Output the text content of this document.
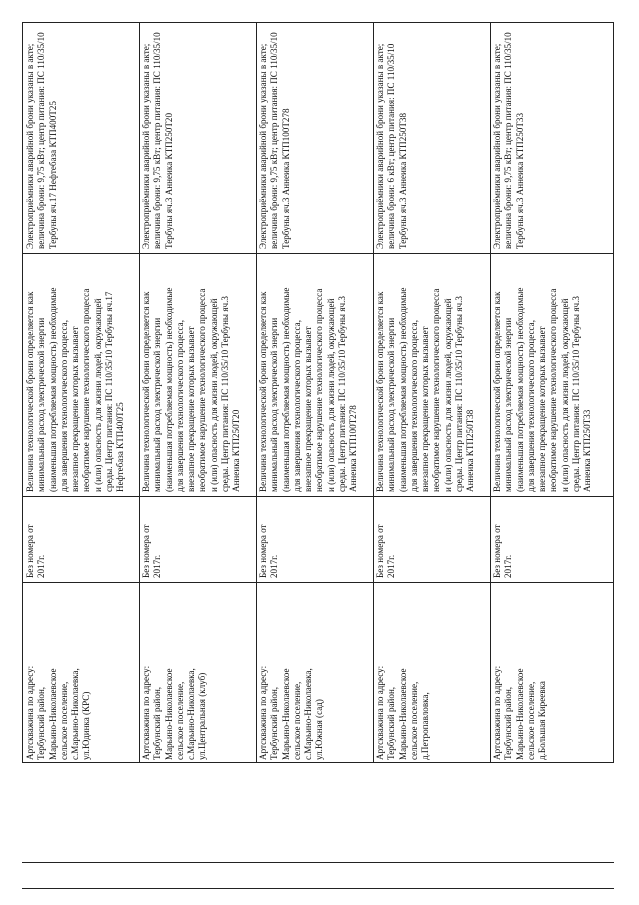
Электроприёмники аварийной брони указаны в акте;
величина брони: 9,75 кВт; центр питания: ПС 110/35/10
Тербуны яч.17 Нефтебаза КТП400Т25
Величина технологической брони определяется как
минимальный расход электрической энергии
(наименьшая потребляемая мощность) необходимые
для завершения технологического процесса,
внезапное прекращение которых вызывает
необратимое нарушение технологического процесса
и (или) опасность для жизни людей, окружающей
среды. Центр питания: ПС 110/35/10 Тербуны яч.17
Нефтебаза КТП400Т25
Без номера от
2017г.
Артскважина по адресу:
Тербунский район,
Марьино-Николаевское
сельское поселение,
с.Марьино-Николаевка,
ул.Юдинка (КРС)
Электроприёмники аварийной брони указаны в акте;
величина брони: 9,75 кВт; центр питания: ПС 110/35/10
Тербуны яч.3 Аннеика КТП250Т20
Величина технологической брони определяется как
минимальный расход электрической энергии
(наименьшая потребляемая мощность) необходимые
для завершения технологического процесса,
внезапное прекращение которых вызывает
необратимое нарушение технологического процесса
и (или) опасность для жизни людей, окружающей
среды. Центр питания: ПС 110/35/10 Тербуны яч.3
Аннеика КТП250Т20
Без номера от
2017г.
Артскважина по адресу:
Тербунский район,
Марьино-Николаевское
сельское поселение,
с.Марьино-Николаевка,
ул.Центральная (клуб)
Электроприёмники аварийной брони указаны в акте;
величина брони: 9,75 кВт; центр питания: ПС 110/35/10
Тербуны яч.3 Аннеика КТП100Т278
Величина технологической брони определяется как
минимальный расход электрической энергии
(наименьшая потребляемая мощность) необходимые
для завершения технологического процесса,
внезапное прекращение которых вызывает
необратимое нарушение технологического процесса
и (или) опасность для жизни людей, окружающей
среды. Центр питания: ПС 110/35/10 Тербуны яч.3
Аннеика КТП100Т278
Без номера от
2017г.
Артскважина по адресу:
Тербунский район,
Марьино-Николаевское
сельское поселение,
с.Марьино-Николаевка,
ул.Южная (сад)
Электроприёмники аварийной брони указаны в акте;
величина брони: 6 кВт; центр питания: ПС 110/35/10
Тербуны яч.3 Аннеика КТП250Т38
Величина технологической брони определяется как
минимальный расход электрической энергии
(наименьшая потребляемая мощность) необходимые
для завершения технологического процесса,
внезапное прекращение которых вызывает
необратимое нарушение технологического процесса
и (или) опасность для жизни людей, окружающей
среды. Центр питания: ПС 110/35/10 Тербуны яч.3
Аннеика КТП250Т38
Без номера от
2017г.
Артскважина по адресу:
Тербунский район,
Марьино-Николаевское
сельское поселение,
д.Петропавловка,
Электроприёмники аварийной брони указаны в акте;
величина брони: 9,75 кВт; центр питания: ПС 110/35/10
Тербуны яч.3 Аннеика КТП250Т33
Величина технологической брони определяется как
минимальный расход электрической энергии
(наименьшая потребляемая мощность) необходимые
для завершения технологического процесса,
внезапное прекращение которых вызывает
необратимое нарушение технологического процесса
и (или) опасность для жизни людей, окружающей
среды. Центр питания: ПС 110/35/10 Тербуны яч.3
Аннеика КТП250Т33
Без номера от
2017г.
Артскважина по адресу:
Тербунский район,
Марьино-Николаевское
сельское поселение,
д.Большая Киреевка
